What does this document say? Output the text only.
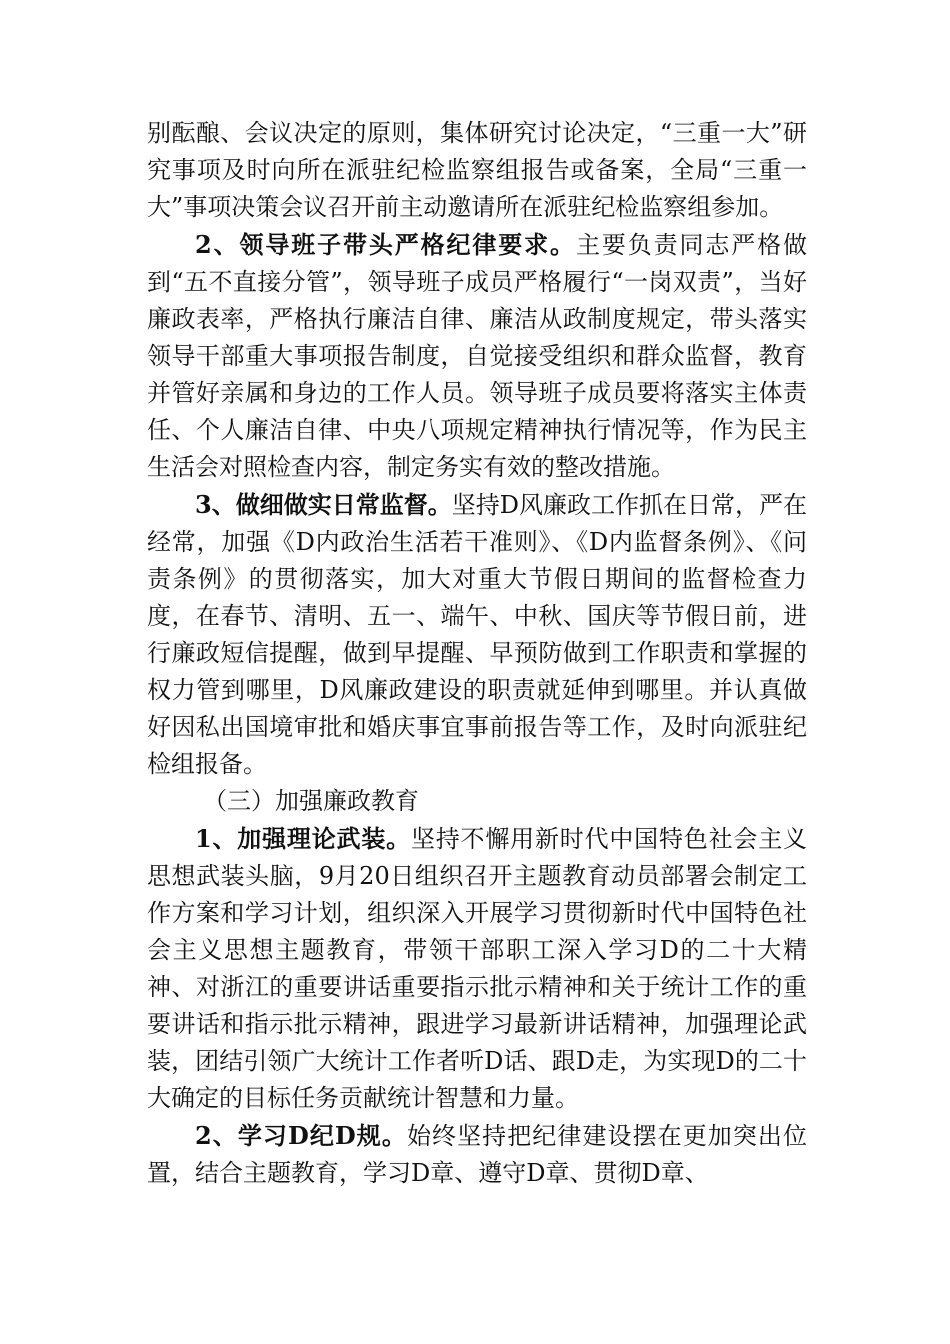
别酝酿、会议决定的原则，集体研究讨论决定，“三重一大”研究事项及时向所在派驻纪检监察组报告或备案，全局“三重一大”事项决策会议召开前主动邀请所在派驻纪检监察组参加。

2、领导班子带头严格纪律要求。主要负责同志严格做到“五不直接分管”，领导班子成员严格履行“一岗双责”，当好廉政表率，严格执行廉洁自律、廉洁从政制度规定，带头落实领导干部重大事项报告制度，自觉接受组织和群众监督，教育并管好亲属和身边的工作人员。领导班子成员要将落实主体责任、个人廉洁自律、中央八项规定精神执行情况等，作为民主生活会对照检查内容，制定务实有效的整改措施。

3、做细做实日常监督。坚持D风廉政工作抓在日常，严在经常，加强《D内政治生活若干准则》、《D内监督条例》、《问责条例》的贯彻落实，加大对重大节假日期间的监督检查力度，在春节、清明、五一、端午、中秋、国庆等节假日前，进行廉政短信提醒，做到早提醒、早预防做到工作职责和掌握的权力管到哪里，D风廉政建设的职责就延伸到哪里。并认真做好因私出国境审批和婚庆事宜事前报告等工作，及时向派驻纪检组报备。

（三）加强廉政教育

1、加强理论武装。坚持不懈用新时代中国特色社会主义思想武装头脑，9月20日组织召开主题教育动员部署会制定工作方案和学习计划，组织深入开展学习贯彻新时代中国特色社会主义思想主题教育，带领干部职工深入学习D的二十大精神、对浙江的重要讲话重要指示批示精神和关于统计工作的重要讲话和指示批示精神，跟进学习最新讲话精神，加强理论武装，团结引领广大统计工作者听D话、跟D走，为实现D的二十大确定的目标任务贡献统计智慧和力量。

2、学习D纪D规。始终坚持把纪律建设摆在更加突出位置，结合主题教育，学习D章、遵守D章、贯彻D章、
